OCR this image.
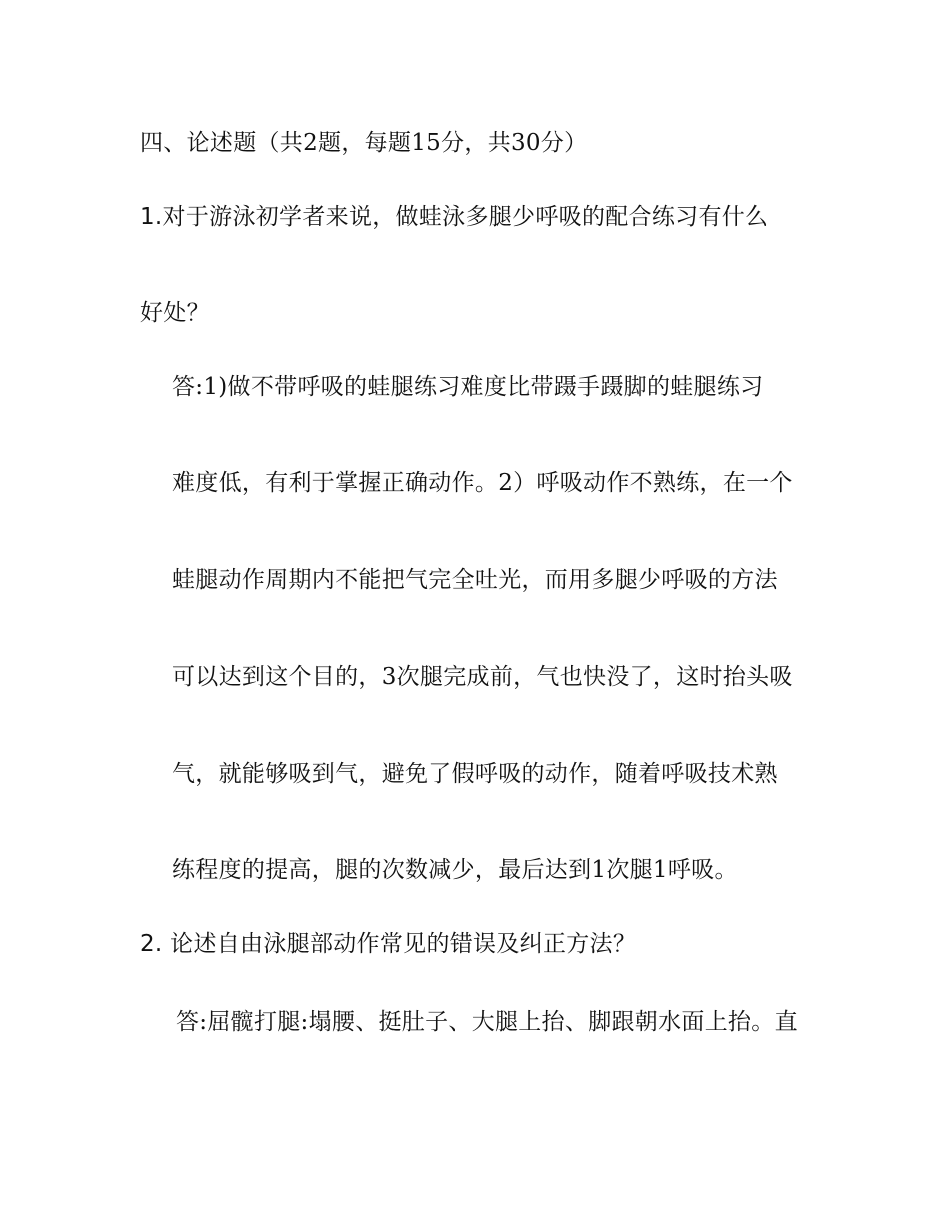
四、论述题（共2题，每题15分，共30分）
1.对于游泳初学者来说，做蛙泳多腿少呼吸的配合练习有什么
好处？
答:1)做不带呼吸的蛙腿练习难度比带蹑手蹑脚的蛙腿练习
难度低，有利于掌握正确动作。2）呼吸动作不熟练，在一个
蛙腿动作周期内不能把气完全吐光，而用多腿少呼吸的方法
可以达到这个目的，3次腿完成前，气也快没了，这时抬头吸
气，就能够吸到气，避免了假呼吸的动作，随着呼吸技术熟
练程度的提高，腿的次数减少，最后达到1次腿1呼吸。
2. 论述自由泳腿部动作常见的错误及纠正方法？
答:屈髋打腿:塌腰、挺肚子、大腿上抬、脚跟朝水面上抬。直
